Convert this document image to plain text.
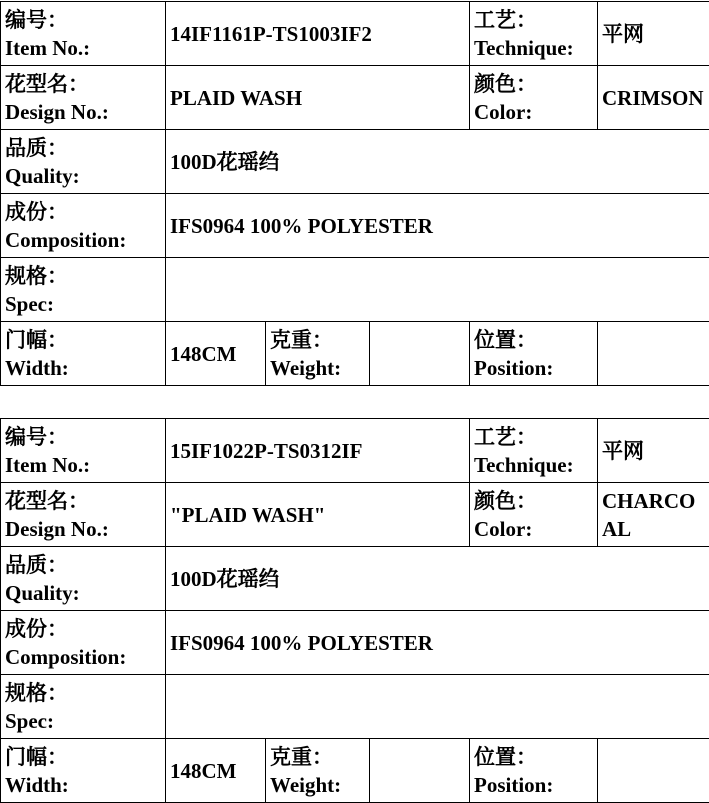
编号：
Item No.:	14IF1161P-TS1003IF2			工艺：
Technique:	平网

花型名：
Design No.:	PLAID WASH			颜色：
Color:	CRIMSON

品质：
Quality:	100D花瑶绉				

成份：
Composition:	IFS0964 100% POLYESTER				

规格：
Spec:					

门幅：
Width:	148CM	克重：
Weight:		位置：
Position:	

编号：
Item No.:	15IF1022P-TS0312IF			工艺：
Technique:	平网

花型名：
Design No.:	"PLAID WASH"			颜色：
Color:	CHARCOAL

品质：
Quality:	100D花瑶绉				

成份：
Composition:	IFS0964 100% POLYESTER				

规格：
Spec:					

门幅：
Width:	148CM	克重：
Weight:		位置：
Position:	
